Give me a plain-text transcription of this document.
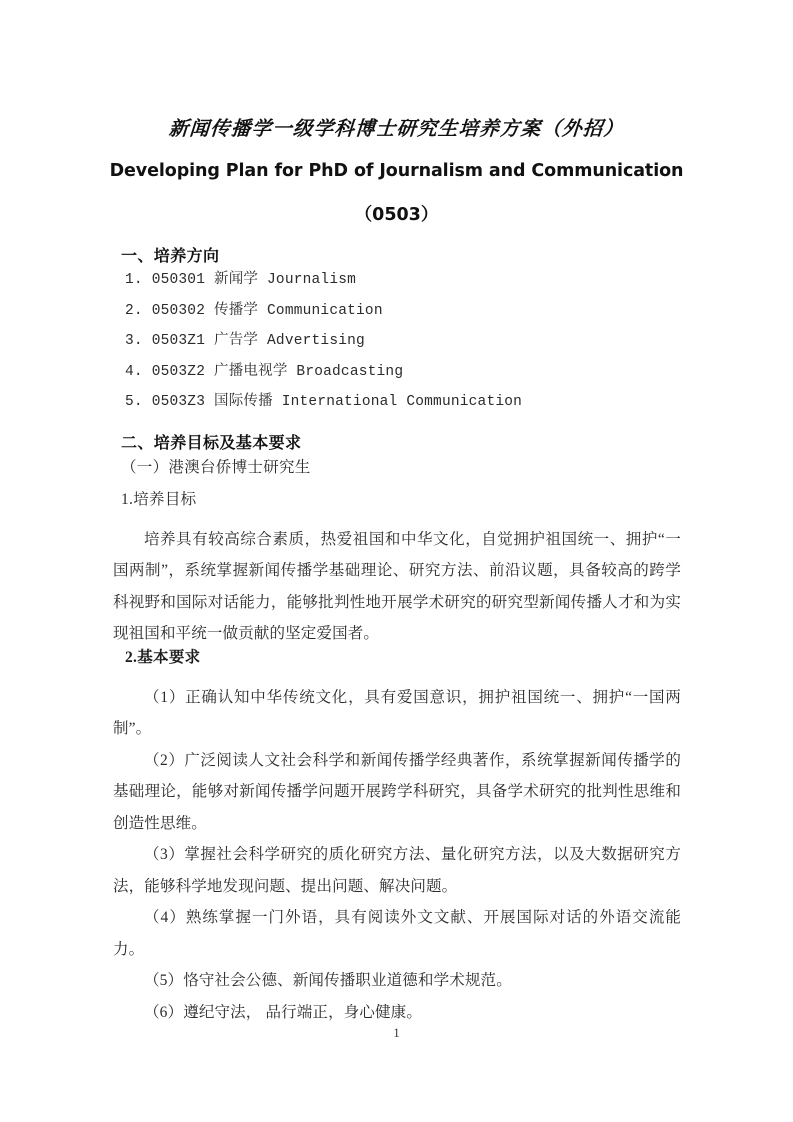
新闻传播学一级学科博士研究生培养方案（外招）
Developing Plan for PhD of Journalism and Communication
（0503）
一、培养方向
1. 050301 新闻学 Journalism
2. 050302 传播学 Communication
3. 0503Z1 广告学 Advertising
4. 0503Z2 广播电视学 Broadcasting
5. 0503Z3 国际传播 International Communication
二、培养目标及基本要求
（一）港澳台侨博士研究生
1.培养目标

培养具有较高综合素质，热爱祖国和中华文化，自觉拥护祖国统一、拥护“一国两制”，系统掌握新闻传播学基础理论、研究方法、前沿议题，具备较高的跨学科视野和国际对话能力，能够批判性地开展学术研究的研究型新闻传播人才和为实现祖国和平统一做贡献的坚定爱国者。

2.基本要求

（1）正确认知中华传统文化，具有爱国意识，拥护祖国统一、拥护“一国两制”。

（2）广泛阅读人文社会科学和新闻传播学经典著作，系统掌握新闻传播学的基础理论，能够对新闻传播学问题开展跨学科研究，具备学术研究的批判性思维和创造性思维。

（3）掌握社会科学研究的质化研究方法、量化研究方法，以及大数据研究方法，能够科学地发现问题、提出问题、解决问题。

（4）熟练掌握一门外语，具有阅读外文文献、开展国际对话的外语交流能力。

（5）恪守社会公德、新闻传播职业道德和学术规范。

（6）遵纪守法， 品行端正，身心健康。

1
